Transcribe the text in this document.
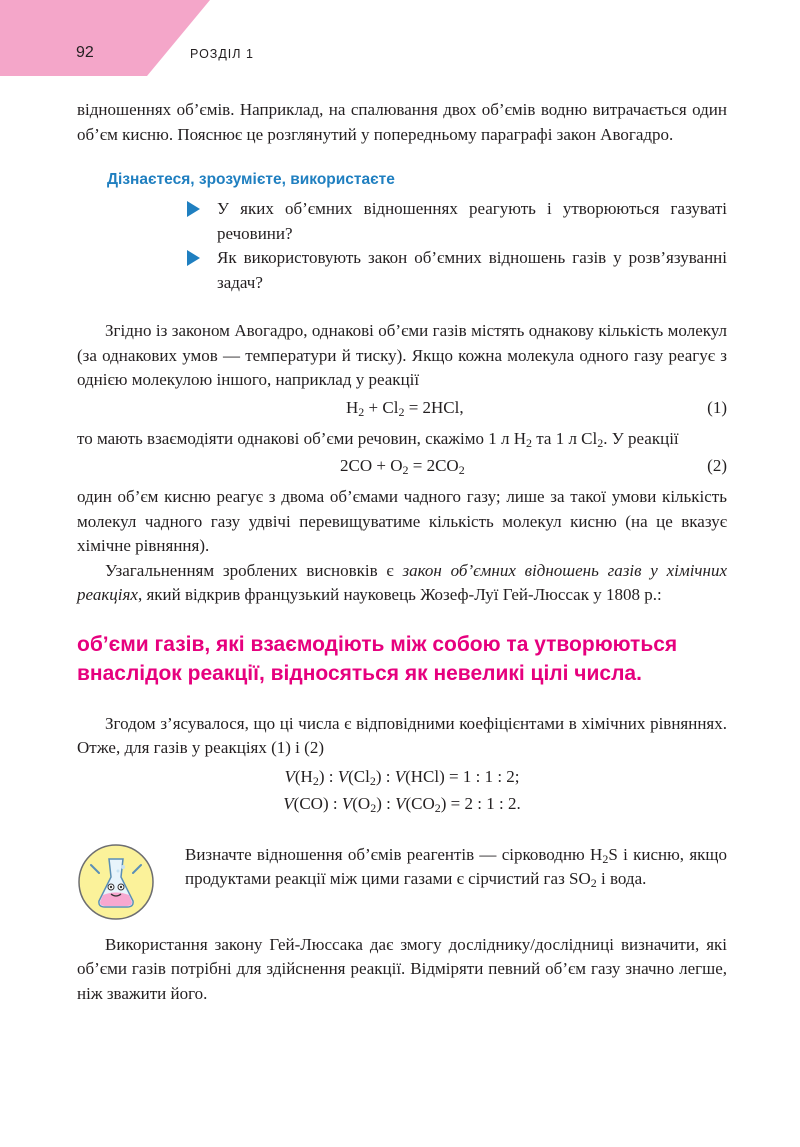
92	РОЗДІЛ 1

відношеннях об’ємів. Наприклад, на спалювання двох об’ємів водню витрачається один об’єм кисню. Пояснює це розглянутий у попередньому параграфі закон Авогадро.

Дізнаєтеся, зрозумієте, використаєте
У яких об’ємних відношеннях реагують і утворюються газуваті речовини?
Як використовують закон об’ємних відношень газів у розв’язуванні задач?

Згідно із законом Авогадро, однакові об’єми газів містять однакову кількість молекул (за однакових умов — температури й тиску). Якщо кожна молекула одного газу реагує з однією молекулою іншого, наприклад у реакції

$H_2 + Cl_2 = 2HCl$,	(1)

то мають взаємодіяти однакові об’єми речовин, скажімо 1 л $H_2$ та 1 л $Cl_2$. У реакції

$2CO + O_2 = 2CO_2$	(2)

один об’єм кисню реагує з двома об’ємами чадного газу; лише за такої умови кількість молекул чадного газу удвічі перевищуватиме кількість молекул кисню (на це вказує хімічне рівняння).

Узагальненням зроблених висновків є закон об’ємних відношень газів у хімічних реакціях, який відкрив французький науковець Жозеф-Луї Гей-Люссак у 1808 р.:

об’єми газів, які взаємодіють між собою та утворюються внаслідок реакції, відносяться як невеликі цілі числа.

Згодом з’ясувалося, що ці числа є відповідними коефіцієнтами в хімічних рівняннях. Отже, для газів у реакціях (1) і (2)

$V(H_2)$ : $V(Cl_2)$ : V(HCl) = 1 : 1 : 2;
V(CO) : $V(O_2)$ : $V(CO_2) = 2$ : 1 : 2.

Визначте відношення об’ємів реагентів — сірководню $H_2S$ і кисню, якщо продуктами реакції між цими газами є сірчистий газ $SO_2$ і вода.

Використання закону Гей-Люссака дає змогу досліднику/дослідниці визначити, які об’єми газів потрібні для здійснення реакції. Відміряти певний об’єм газу значно легше, ніж зважити його.
